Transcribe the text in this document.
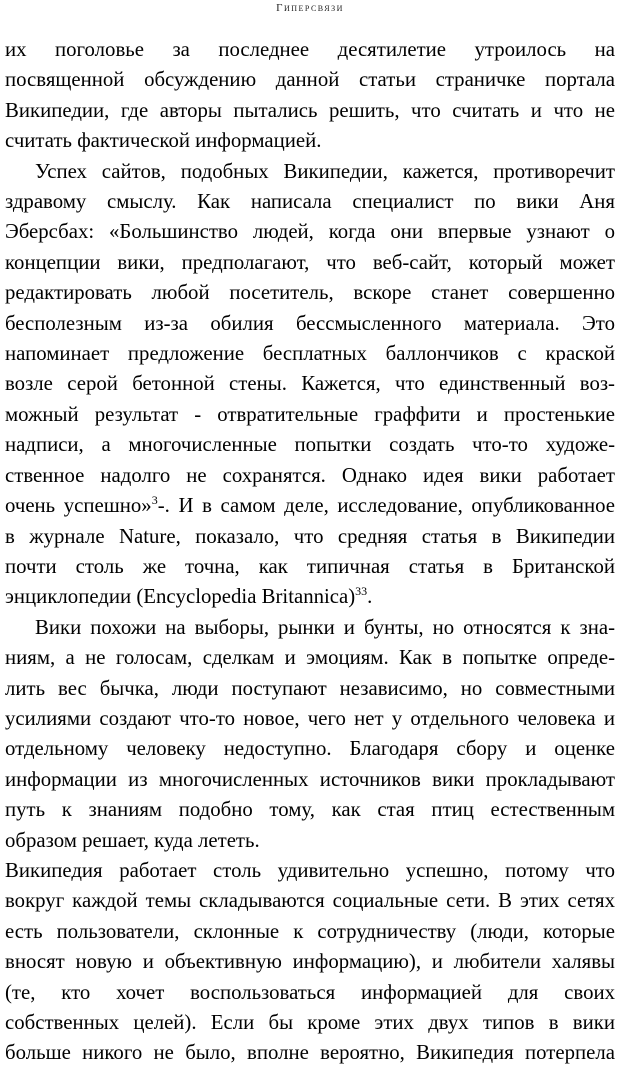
Гиперсвязи
их поголовье за последнее десятилетие утроилось на
посвященной обсуждению данной статьи страничке портала
Википедии, где авторы пытались решить, что считать и что не
считать фактической информацией.
Успех сайтов, подобных Википедии, кажется, противоречит
здравому смыслу. Как написала специалист по вики Аня
Эберсбах: «Большинство людей, когда они впервые узнают о
концепции вики, предполагают, что веб-сайт, который может
редактировать любой посетитель, вскоре станет совершенно
бесполезным из-за обилия бессмысленного материала. Это
напоминает предложение бесплатных баллончиков с краской
возле серой бетонной стены. Кажется, что единственный воз-
можный результат - отвратительные граффити и простенькие
надписи, а многочисленные попытки создать что-то художе-
ственное надолго не сохранятся. Однако идея вики работает
очень успешно»$^3$-. И в самом деле, исследование, опубликованное
в журнале Nature, показало, что средняя статья в Википедии
почти столь же точна, как типичная статья в Британской
энциклопедии (Encyclopedia Britannica)$^{33}$.
Вики похожи на выборы, рынки и бунты, но относятся к зна-
ниям, а не голосам, сделкам и эмоциям. Как в попытке опреде-
лить вес бычка, люди поступают независимо, но совместными
усилиями создают что-то новое, чего нет у отдельного человека и
отдельному человеку недоступно. Благодаря сбору и оценке
информации из многочисленных источников вики прокладывают
путь к знаниям подобно тому, как стая птиц естественным
образом решает, куда лететь.
Википедия работает столь удивительно успешно, потому что
вокруг каждой темы складываются социальные сети. В этих сетях
есть пользователи, склонные к сотрудничеству (люди, которые
вносят новую и объективную информацию), и любители халявы
(те, кто хочет воспользоваться информацией для своих
собственных целей). Если бы кроме этих двух типов в вики
больше никого не было, вполне вероятно, Википедия потерпела
